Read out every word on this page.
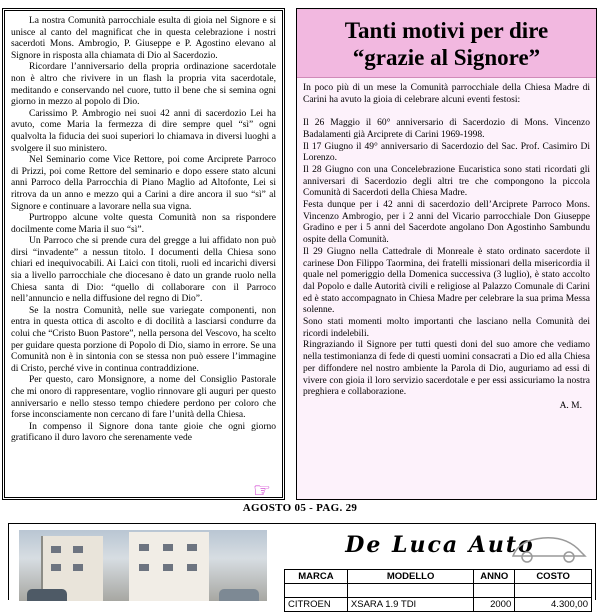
La nostra Comunità parrocchiale esulta di gioia nel Signore e si unisce al canto del magnificat che in questa celebrazione i nostri sacerdoti Mons. Ambrogio, P. Giuseppe e P. Agostino elevano al Signore in risposta alla chiamata di Dio al Sacerdozio.

Ricordare l’anniversario della propria ordinazione sacerdotale non è altro che rivivere in un flash la propria vita sacerdotale, meditando e conservando nel cuore, tutto il bene che si semina ogni giorno in mezzo al popolo di Dio.

Carissimo P. Ambrogio nei suoi 42 anni di sacerdozio Lei ha avuto, come Maria la fermezza di dire sempre quel “sì” ogni qualvolta la fiducia dei suoi superiori lo chiamava in diversi luoghi a svolgere il suo ministero.

Nel Seminario come Vice Rettore, poi come Arciprete Parroco di Prizzi, poi come Rettore del seminario e dopo essere stato alcuni anni Parroco della Parrocchia di Piano Maglio ad Altofonte, Lei si ritrova da un anno e mezzo qui a Carini a dire ancora il suo “sì” al Signore e continuare a lavorare nella sua vigna.

Purtroppo alcune volte questa Comunità non sa rispondere docilmente come Maria il suo “sì”.

Un Parroco che si prende cura del gregge a lui affidato non può dirsi “invadente” a nessun titolo. I documenti della Chiesa sono chiari ed inequivocabili. Ai Laici con titoli, ruoli ed incarichi diversi sia a livello parrocchiale che diocesano è dato un grande ruolo nella Chiesa santa di Dio: “quello di collaborare con il Parroco nell’annuncio e nella diffusione del regno di Dio”.

Se la nostra Comunità, nelle sue variegate componenti, non entra in questa ottica di ascolto e di docilità a lasciarsi condurre da colui che “Cristo Buon Pastore”, nella persona del Vescovo, ha scelto per guidare questa porzione di Popolo di Dio, siamo in errore. Se una Comunità non è in sintonia con se stessa non può essere l’immagine di Cristo, perché vive in continua contraddizione.

Per questo, caro Monsignore, a nome del Consiglio Pastorale che mi onoro di rappresentare, voglio rinnovare gli auguri per questo anniversario e nello stesso tempo chiedere perdono per coloro che forse inconsciamente non cercano di fare l’unità della Chiesa.

In compenso il Signore dona tante gioie che ogni giorno gratificano il duro lavoro che serenamente vede

☞
Tanti motivi per dire
“grazie al Signore”

In poco più di un mese la Comunità parrocchiale della Chiesa Madre di Carini ha avuto la gioia di celebrare alcuni eventi festosi:

Il 26 Maggio il 60° anniversario di Sacerdozio di Mons. Vincenzo Badalamenti già Arciprete di Carini 1969-1998.

Il 17 Giugno il 49° anniversario di Sacerdozio del Sac. Prof. Casimiro Di Lorenzo.

Il 28 Giugno con una Concelebrazione Eucaristica sono stati ricordati gli anniversari di Sacerdozio degli altri tre che compongono la piccola Comunità di Sacerdoti della Chiesa Madre.

Festa dunque per i 42 anni di sacerdozio dell’Arciprete Parroco Mons. Vincenzo Ambrogio, per i 2 anni del Vicario parrocchiale Don Giuseppe Gradino e per i 5 anni del Sacerdote angolano Don Agostinho Sambundu ospite della Comunità.

Il 29 Giugno nella Cattedrale di Monreale è stato ordinato sacerdote il carinese Don Filippo Taormina, dei fratelli missionari della misericordia il quale nel pomeriggio della Domenica successiva (3 luglio), è stato accolto dal Popolo e dalle Autorità civili e religiose al Palazzo Comunale di Carini ed è stato accompagnato in Chiesa Madre per celebrare la sua prima Messa solenne.

Sono stati momenti molto importanti che lasciano nella Comunità dei ricordi indelebili.

Ringraziando il Signore per tutti questi doni del suo amore che vediamo nella testimonianza di fede di questi uomini consacrati a Dio ed alla Chiesa per diffondere nel nostro ambiente la Parola di Dio, auguriamo ad essi di vivere con gioia il loro servizio sacerdotale e per essi assicuriamo la nostra preghiera e collaborazione.

A. M.
AGOSTO 05 - PAG. 29
De Luca Auto
MARCA	MODELLO	ANNO	COSTO

CITROEN	XSARA 1.9 TDI	2000	4.300,00
